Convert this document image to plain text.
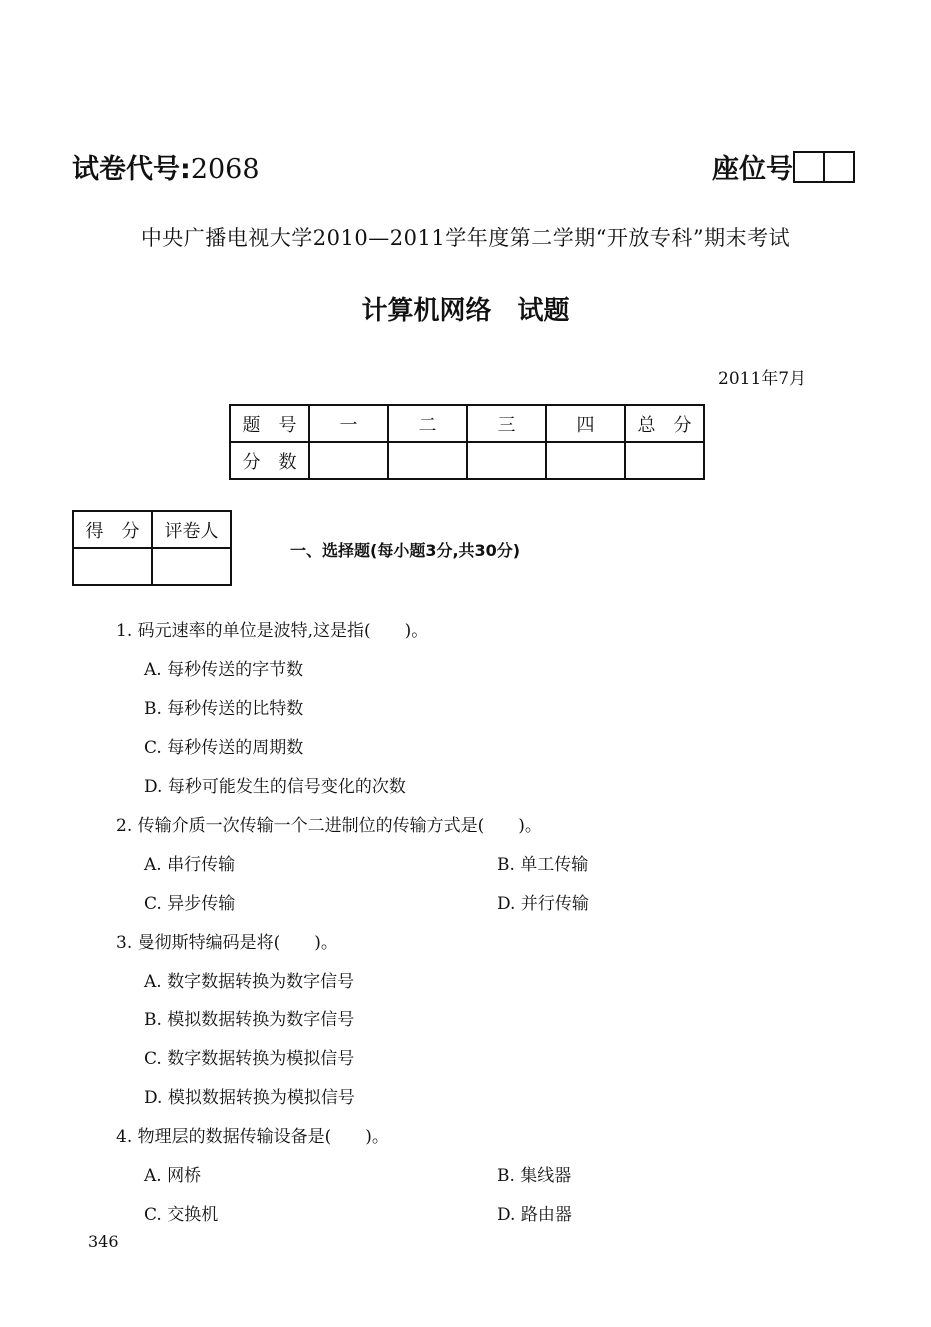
试卷代号:2068	座位号
中央广播电视大学2010—2011学年度第二学期“开放专科”期末考试
计算机网络　试题
2011年7月
题　号	一	二	三	四	总　分
分　数					
得　分	评卷人

一、选择题(每小题3分,共30分)
1. 码元速率的单位是波特,这是指(　　)。
A. 每秒传送的字节数
B. 每秒传送的比特数
C. 每秒传送的周期数
D. 每秒可能发生的信号变化的次数
2. 传输介质一次传输一个二进制位的传输方式是(　　)。
A. 串行传输	B. 单工传输
C. 异步传输	D. 并行传输
3. 曼彻斯特编码是将(　　)。
A. 数字数据转换为数字信号
B. 模拟数据转换为数字信号
C. 数字数据转换为模拟信号
D. 模拟数据转换为模拟信号
4. 物理层的数据传输设备是(　　)。
A. 网桥	B. 集线器
C. 交换机	D. 路由器
346
